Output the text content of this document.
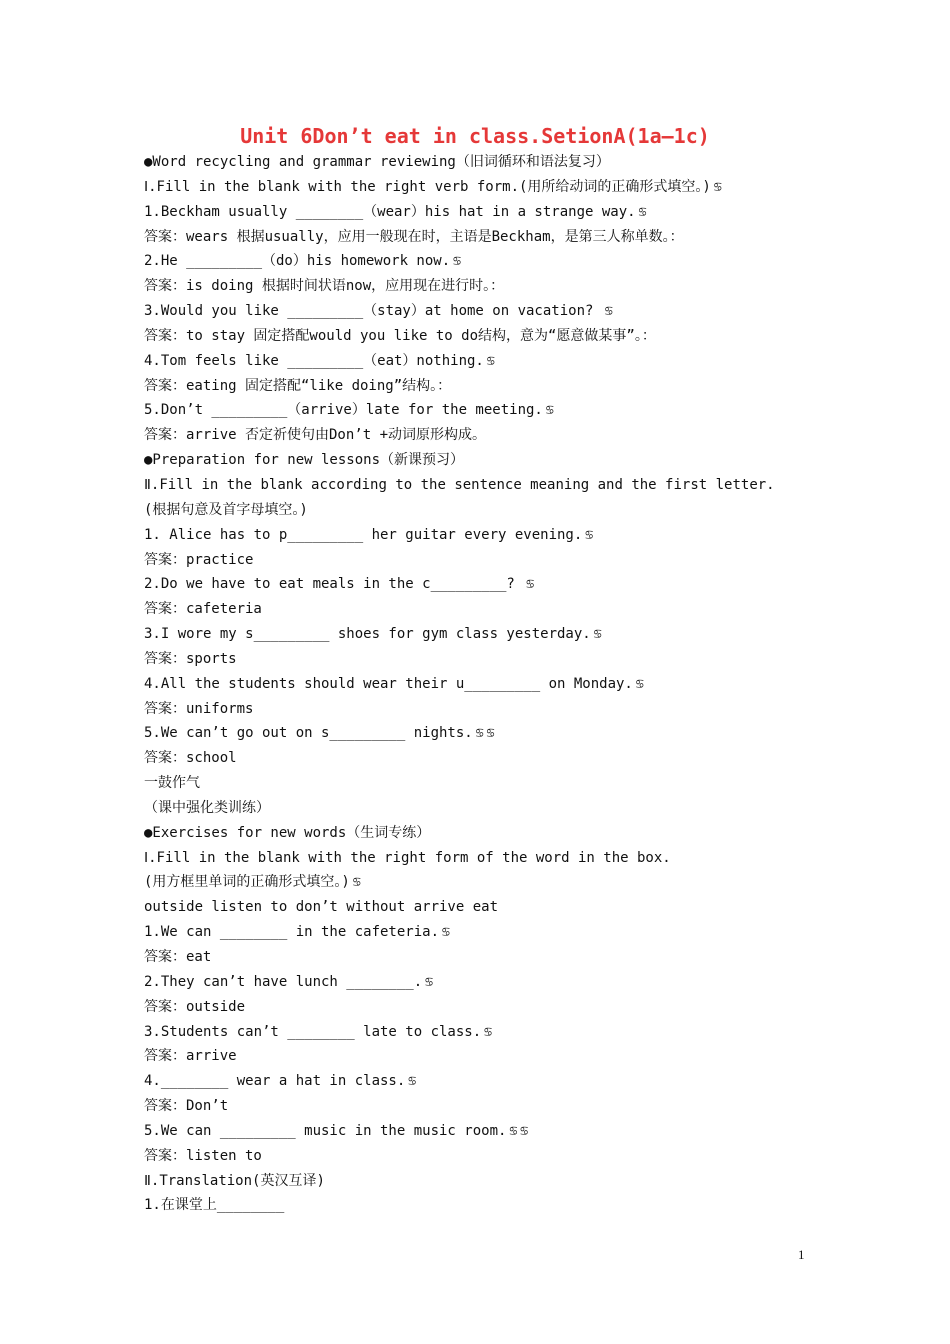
Unit 6Don’t eat in class.SetionA(1a—1c)
●Word recycling and grammar reviewing（旧词循环和语法复习）
Ⅰ.Fill in the blank with the right verb form.(用所给动词的正确形式填空。) ♋
1.Beckham usually ________（wear）his hat in a strange way. ♋
答案：wears 根据usually，应用一般现在时，主语是Beckham，是第三人称单数。：
2.He _________（do）his homework now. ♋
答案：is doing 根据时间状语now，应用现在进行时。：
3.Would you like _________（stay）at home on vacation? ♋
答案：to stay 固定搭配would you like to do结构，意为“愿意做某事”。：
4.Tom feels like _________（eat）nothing. ♋
答案：eating 固定搭配“like doing”结构。：
5.Don’t _________（arrive）late for the meeting. ♋
答案：arrive 否定祈使句由Don’t +动词原形构成。
●Preparation for new lessons（新课预习）
Ⅱ.Fill in the blank according to the sentence meaning and the first letter.
(根据句意及首字母填空。)
1. Alice has to p_________ her guitar every evening. ♋
答案：practice
2.Do we have to eat meals in the c_________? ♋
答案：cafeteria
3.I wore my s_________ shoes for gym class yesterday. ♋
答案：sports
4.All the students should wear their u_________ on Monday. ♋
答案：uniforms
5.We can’t go out on s_________ nights. ♋ ♋
答案：school
一鼓作气
（课中强化类训练）
●Exercises for new words（生词专练）
Ⅰ.Fill in the blank with the right form of the word in the box.
(用方框里单词的正确形式填空。) ♋
outside listen to don’t without arrive eat
1.We can ________ in the cafeteria. ♋
答案：eat
2.They can’t have lunch ________. ♋
答案：outside
3.Students can’t ________ late to class. ♋
答案：arrive
4.________ wear a hat in class. ♋
答案：Don’t
5.We can _________ music in the music room. ♋ ♋
答案：listen to
Ⅱ.Translation(英汉互译)
1.在课堂上________
1
